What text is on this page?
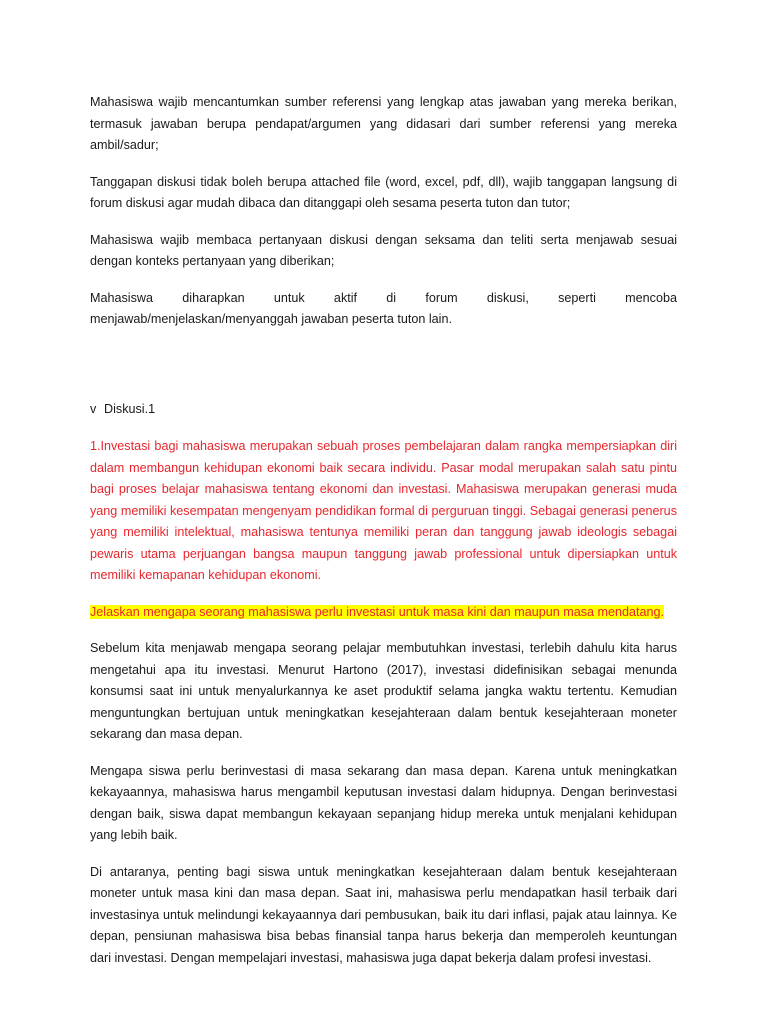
Mahasiswa wajib mencantumkan sumber referensi yang lengkap atas jawaban yang mereka berikan, termasuk jawaban berupa pendapat/argumen yang didasari dari sumber referensi yang mereka ambil/sadur;

Tanggapan diskusi tidak boleh berupa attached file (word, excel, pdf, dll), wajib tanggapan langsung di forum diskusi agar mudah dibaca dan ditanggapi oleh sesama peserta tuton dan tutor;

Mahasiswa wajib membaca pertanyaan diskusi dengan seksama dan teliti serta menjawab sesuai dengan konteks pertanyaan yang diberikan;

Mahasiswa diharapkan untuk aktif di forum diskusi, seperti mencoba

menjawab/menjelaskan/menyanggah jawaban peserta tuton lain.

v Diskusi.1

1.Investasi bagi mahasiswa merupakan sebuah proses pembelajaran dalam rangka mempersiapkan diri dalam membangun kehidupan ekonomi baik secara individu. Pasar modal merupakan salah satu pintu bagi proses belajar mahasiswa tentang ekonomi dan investasi. Mahasiswa merupakan generasi muda yang memiliki kesempatan mengenyam pendidikan formal di perguruan tinggi. Sebagai generasi penerus yang memiliki intelektual, mahasiswa tentunya memiliki peran dan tanggung jawab ideologis sebagai pewaris utama perjuangan bangsa maupun tanggung jawab professional untuk dipersiapkan untuk memiliki kemapanan kehidupan ekonomi.

Jelaskan mengapa seorang mahasiswa perlu investasi untuk masa kini dan maupun masa mendatang.

Sebelum kita menjawab mengapa seorang pelajar membutuhkan investasi, terlebih dahulu kita harus mengetahui apa itu investasi. Menurut Hartono (2017), investasi didefinisikan sebagai menunda konsumsi saat ini untuk menyalurkannya ke aset produktif selama jangka waktu tertentu. Kemudian menguntungkan bertujuan untuk meningkatkan kesejahteraan dalam bentuk kesejahteraan moneter sekarang dan masa depan.

Mengapa siswa perlu berinvestasi di masa sekarang dan masa depan. Karena untuk meningkatkan kekayaannya, mahasiswa harus mengambil keputusan investasi dalam hidupnya. Dengan berinvestasi dengan baik, siswa dapat membangun kekayaan sepanjang hidup mereka untuk menjalani kehidupan yang lebih baik.

Di antaranya, penting bagi siswa untuk meningkatkan kesejahteraan dalam bentuk kesejahteraan moneter untuk masa kini dan masa depan. Saat ini, mahasiswa perlu mendapatkan hasil terbaik dari investasinya untuk melindungi kekayaannya dari pembusukan, baik itu dari inflasi, pajak atau lainnya. Ke depan, pensiunan mahasiswa bisa bebas finansial tanpa harus bekerja dan memperoleh keuntungan dari investasi. Dengan mempelajari investasi, mahasiswa juga dapat bekerja dalam profesi investasi.
